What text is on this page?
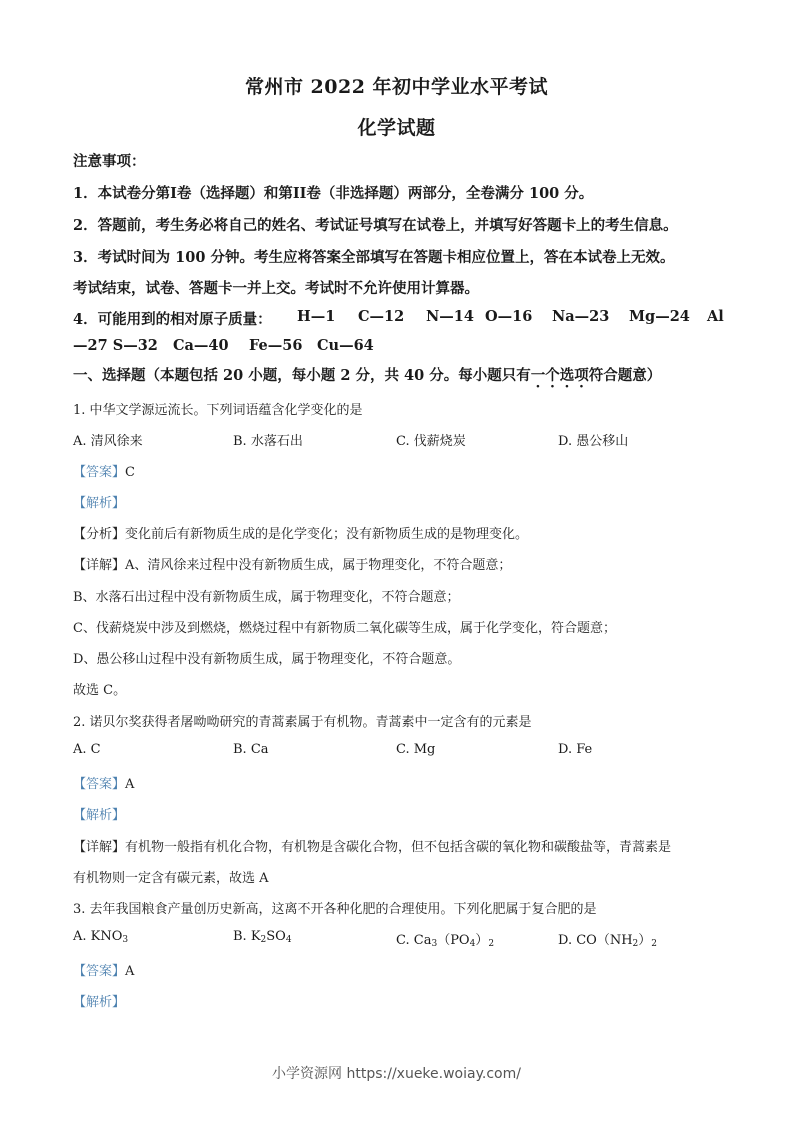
常州市 2022 年初中学业水平考试
化学试题
注意事项：
1．本试卷分第I卷（选择题）和第II卷（非选择题）两部分，全卷满分 100 分。
2．答题前，考生务必将自己的姓名、考试证号填写在试卷上，并填写好答题卡上的考生信息。
3．考试时间为 100 分钟。考生应将答案全部填写在答题卡相应位置上，答在本试卷上无效。
考试结束，试卷、答题卡一并上交。考试时不允许使用计算器。
4．可能用到的相对原子质量： H—1 C—12 N—14 O—16 Na—23 Mg—24 Al
—27 S—32 Ca—40 Fe—56 Cu—64
一、选择题（本题包括 20 小题，每小题 2 分，共 40 分。每小题只有一个选项符合题意）
1. 中华文学源远流长。下列词语蕴含化学变化的是
A. 清风徐来	B. 水落石出	C. 伐薪烧炭	D. 愚公移山
【答案】C
【解析】
【分析】变化前后有新物质生成的是化学变化；没有新物质生成的是物理变化。
【详解】A、清风徐来过程中没有新物质生成，属于物理变化，不符合题意；
B、水落石出过程中没有新物质生成，属于物理变化，不符合题意；
C、伐薪烧炭中涉及到燃烧，燃烧过程中有新物质二氧化碳等生成，属于化学变化，符合题意；
D、愚公移山过程中没有新物质生成，属于物理变化，不符合题意。
故选 C。
2. 诺贝尔奖获得者屠呦呦研究的青蒿素属于有机物。青蒿素中一定含有的元素是
A. C	B. Ca	C. Mg	D. Fe
【答案】A
【解析】
【详解】有机物一般指有机化合物，有机物是含碳化合物，但不包括含碳的氧化物和碳酸盐等，青蒿素是
有机物则一定含有碳元素，故选 A
3. 去年我国粮食产量创历史新高，这离不开各种化肥的合理使用。下列化肥属于复合肥的是
A. $KNO_3$	B. $K_2SO_4$	C. $Ca_3(PO_4)_2$	D. $CO(NH_2)_2$
【答案】A
【解析】
小学资源网 https://xueke.woiay.com/
